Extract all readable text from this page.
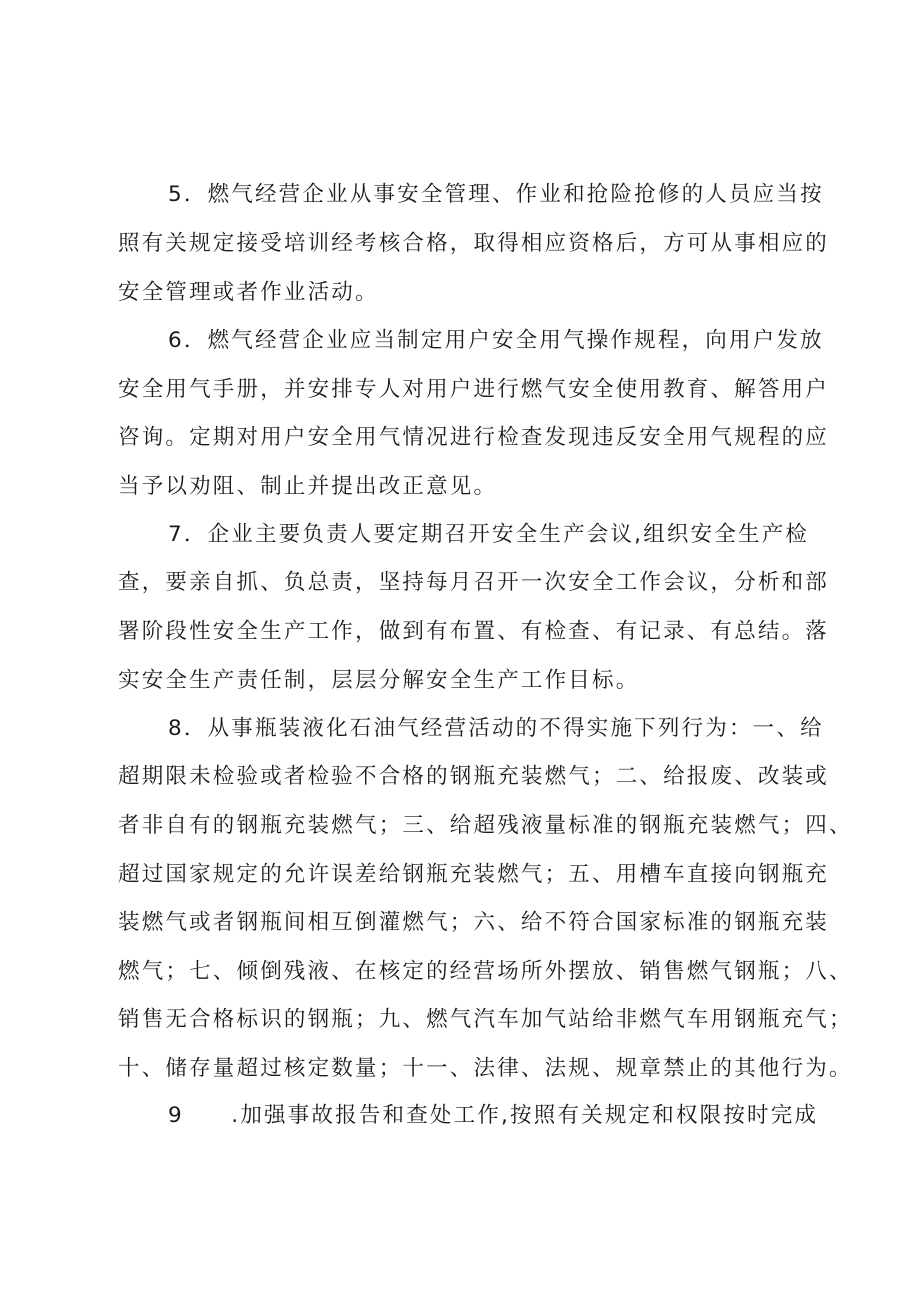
5．燃气经营企业从事安全管理、作业和抢险抢修的人员应当按
照有关规定接受培训经考核合格，取得相应资格后，方可从事相应的
安全管理或者作业活动。
6．燃气经营企业应当制定用户安全用气操作规程，向用户发放
安全用气手册，并安排专人对用户进行燃气安全使用教育、解答用户
咨询。定期对用户安全用气情况进行检查发现违反安全用气规程的应
当予以劝阻、制止并提出改正意见。
7．企业主要负责人要定期召开安全生产会议,组织安全生产检
查，要亲自抓、负总责，坚持每月召开一次安全工作会议，分析和部
署阶段性安全生产工作，做到有布置、有检查、有记录、有总结。落
实安全生产责任制，层层分解安全生产工作目标。
8．从事瓶装液化石油气经营活动的不得实施下列行为：一、给
超期限未检验或者检验不合格的钢瓶充装燃气；二、给报废、改装或
者非自有的钢瓶充装燃气；三、给超残液量标准的钢瓶充装燃气；四、
超过国家规定的允许误差给钢瓶充装燃气；五、用槽车直接向钢瓶充
装燃气或者钢瓶间相互倒灌燃气；六、给不符合国家标准的钢瓶充装
燃气；七、倾倒残液、在核定的经营场所外摆放、销售燃气钢瓶；八、
销售无合格标识的钢瓶；九、燃气汽车加气站给非燃气车用钢瓶充气；
十、储存量超过核定数量；十一、法律、法规、规章禁止的其他行为。
9　　.加强事故报告和查处工作,按照有关规定和权限按时完成
